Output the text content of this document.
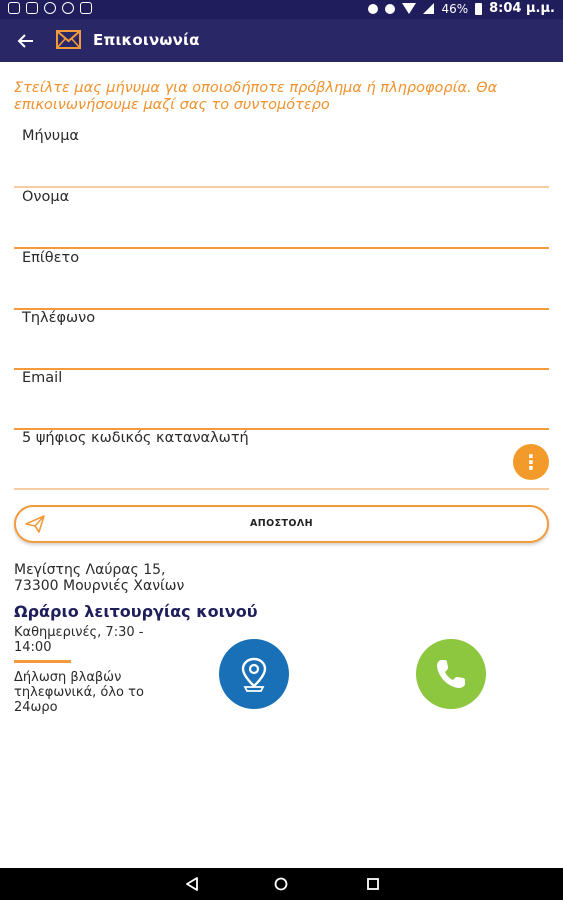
46% 8:04 μ.μ.
Επικοινωνία
Στείλτε μας μήνυμα για οποιοδήποτε πρόβλημα ή πληροφορία. Θα επικοινωνήσουμε μαζί σας το συντομότερο
Μήνυμα
Ονομα
Επίθετο
Τηλέφωνο
Email
5 ψήφιος κωδικός καταναλωτή
⋮
ΑΠΟΣΤΟΛΗ
Μεγίστης Λαύρας 15,
73300 Μουρνιές Χανίων
Ωράριο λειτουργίας κοινού
Καθημερινές, 7:30 - 14:00
Δήλωση βλαβών τηλεφωνικά, όλο το 24ωρο
